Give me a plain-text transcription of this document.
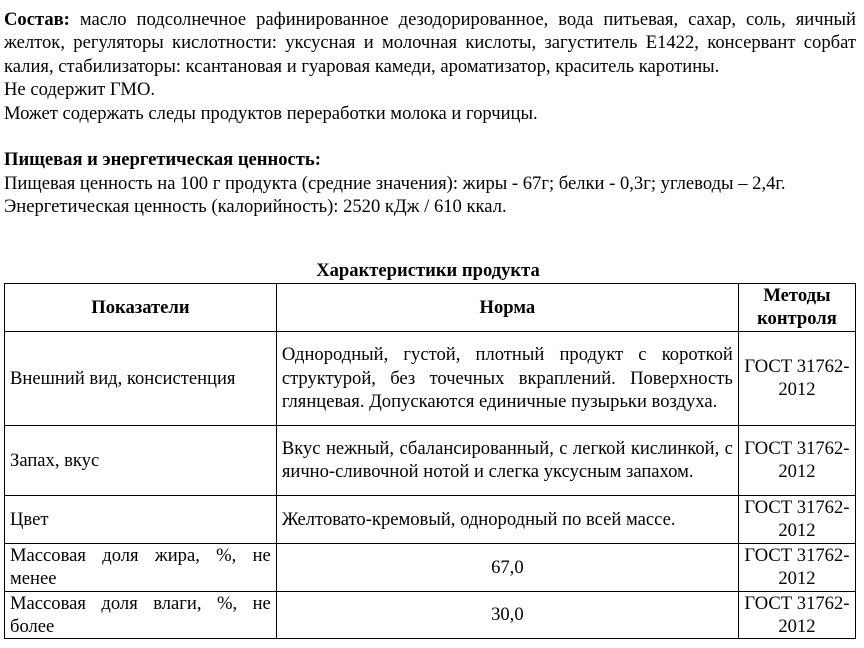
Состав: масло подсолнечное рафинированное дезодорированное, вода питьевая, сахар, соль, яичный желток, регуляторы кислотности: уксусная и молочная кислоты, загуститель E1422, консервант сорбат калия, стабилизаторы: ксантановая и гуаровая камеди, ароматизатор, краситель каротины.

Не содержит ГМО.

Может содержать следы продуктов переработки молока и горчицы.

Пищевая и энергетическая ценность:

Пищевая ценность на 100 г продукта (средние значения): жиры - 67г; белки - 0,3г; углеводы – 2,4г.

Энергетическая ценность (калорийность): 2520 кДж / 610 ккал.

Характеристики продукта
Показатели	Норма	Методы контроля
Внешний вид, консистенция	Однородный, густой, плотный продукт с короткой структурой, без точечных вкраплений. Поверхность глянцевая. Допускаются единичные пузырьки воздуха.	ГОСТ 31762-2012
Запах, вкус	Вкус нежный, сбалансированный, с легкой кислинкой, с яично-сливочной нотой и слегка уксусным запахом.	ГОСТ 31762-2012
Цвет	Желтовато-кремовый, однородный по всей массе.	ГОСТ 31762-2012
Массовая доля жира, %, не менее	67,0	ГОСТ 31762-2012
Массовая доля влаги, %, не более	30,0	ГОСТ 31762-2012
